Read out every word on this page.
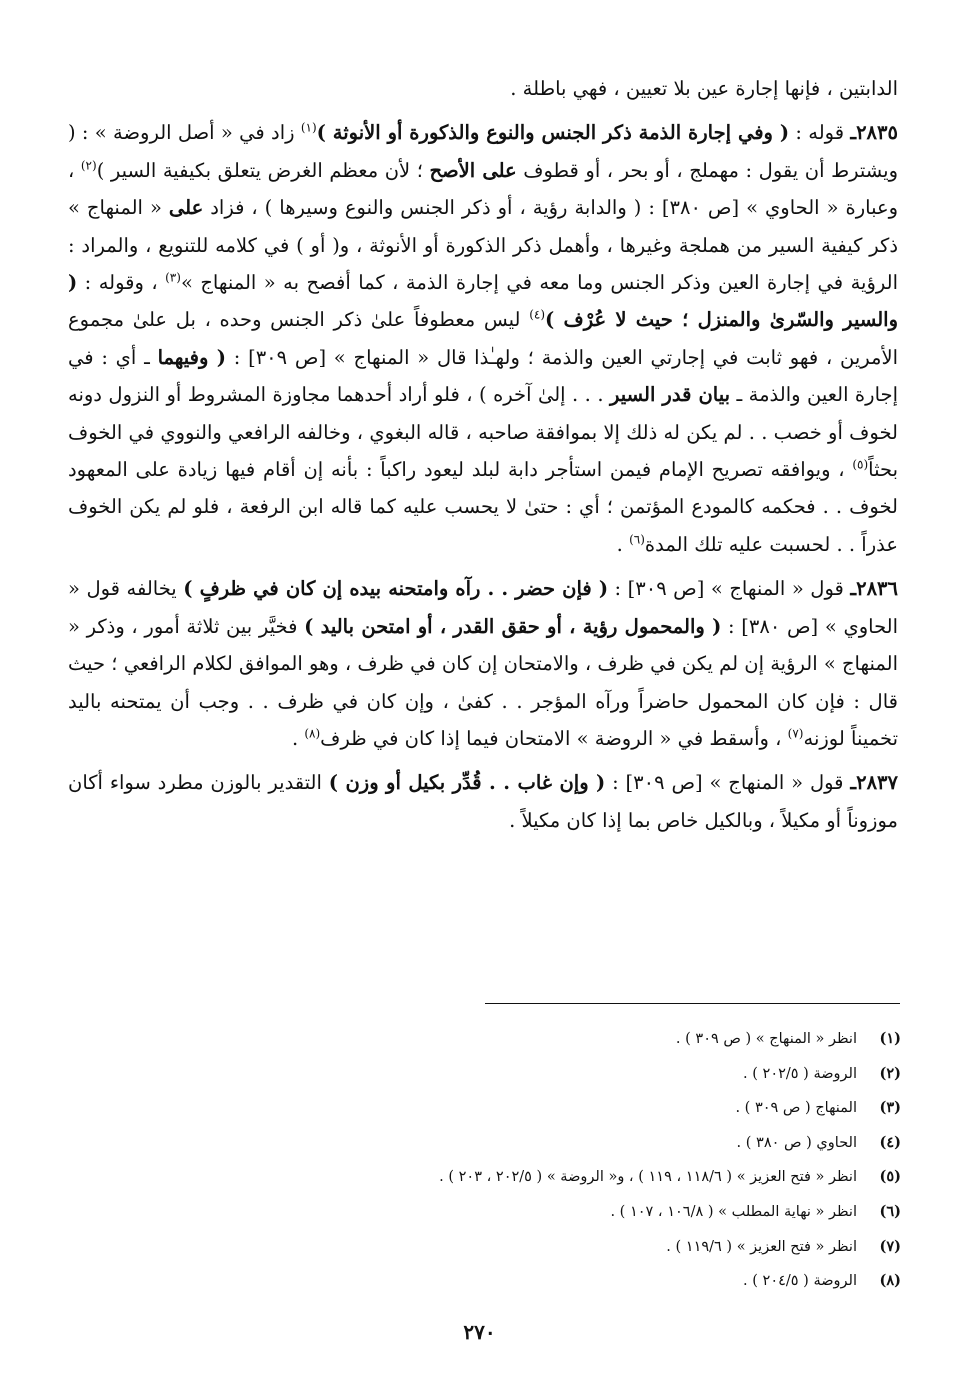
الدابتين ، فإنها إجارة عين بلا تعيين ، فهي باطلة .

٢٨٣٥ـ قوله : ( وفي إجارة الذمة ذكر الجنس والنوع والذكورة أو الأنوثة )$^{(١)}$ زاد في « أصل الروضة » : ( ويشترط أن يقول : مهملج ، أو بحر ، أو قطوف على الأصح ؛ لأن معظم الغرض يتعلق بكيفية السير )$^{(٢)}$ ، وعبارة « الحاوي » [ص ٣٨٠] : ( والدابة رؤية ، أو ذكر الجنس والنوع وسيرها ) ، فزاد على « المنهاج » ذكر كيفية السير من هملجة وغيرها ، وأهمل ذكر الذكورة أو الأنوثة ، و( أو ) في كلامه للتنويع ، والمراد : الرؤية في إجارة العين وذكر الجنس وما معه في إجارة الذمة ، كما أفصح به « المنهاج »$^{(٣)}$ ، وقوله : ( والسير والسّرىٰ والمنزل ؛ حيث لا عُرْف )$^{(٤)}$ ليس معطوفاً علىٰ ذكر الجنس وحده ، بل علىٰ مجموع الأمرين ، فهو ثابت في إجارتي العين والذمة ؛ ولهـٰذا قال « المنهاج » [ص ٣٠٩] : ( وفيهما ـ أي : في إجارة العين والذمة ـ بيان قدر السير . . . إلىٰ آخره ) ، فلو أراد أحدهما مجاوزة المشروط أو النزول دونه لخوف أو خصب . . لم يكن له ذلك إلا بموافقة صاحبه ، قاله البغوي ، وخالفه الرافعي والنووي في الخوف بحثاً$^{(٥)}$ ، ويوافقه تصريح الإمام فيمن استأجر دابة لبلد ليعود راكباً : بأنه إن أقام فيها زيادة على المعهود لخوف . . فحكمه كالمودع المؤتمن ؛ أي : حتىٰ لا يحسب عليه كما قاله ابن الرفعة ، فلو لم يكن الخوف عذراً . . لحسبت عليه تلك المدة$^{(٦)}$ .

٢٨٣٦ـ قول « المنهاج » [ص ٣٠٩] : ( فإن حضر . . رآه وامتحنه بيده إن كان في ظرفٍ ) يخالفه قول « الحاوي » [ص ٣٨٠] : ( والمحمول رؤية ، أو حقق القدر ، أو امتحن باليد ) فخيَّر بين ثلاثة أمور ، وذكر « المنهاج » الرؤية إن لم يكن في ظرف ، والامتحان إن كان في ظرف ، وهو الموافق لكلام الرافعي ؛ حيث قال : فإن كان المحمول حاضراً ورآه المؤجر . . كفىٰ ، وإن كان في ظرف . . وجب أن يمتحنه باليد تخميناً لوزنه$^{(٧)}$ ، وأسقط في « الروضة » الامتحان فيما إذا كان في ظرف$^{(٨)}$ .

٢٨٣٧ـ قول « المنهاج » [ص ٣٠٩] : ( وإن غاب . . قُدِّر بكيل أو وزن ) التقدير بالوزن مطرد سواء أكان موزوناً أو مكيلاً ، وبالكيل خاص بما إذا كان مكيلاً .

(١)
انظر « المنهاج » ( ص ٣٠٩ ) .
(٢)
الروضة ( ٢٠٢/٥ ) .
(٣)
المنهاج ( ص ٣٠٩ ) .
(٤)
الحاوي ( ص ٣٨٠ ) .
(٥)
انظر « فتح العزيز » ( ١١٨/٦ ، ١١٩ ) ، و« الروضة » ( ٢٠٢/٥ ، ٢٠٣ ) .
(٦)
انظر « نهاية المطلب » ( ١٠٦/٨ ، ١٠٧ ) .
(٧)
انظر « فتح العزيز » ( ١١٩/٦ ) .
(٨)
الروضة ( ٢٠٤/٥ ) .
٢٧٠
